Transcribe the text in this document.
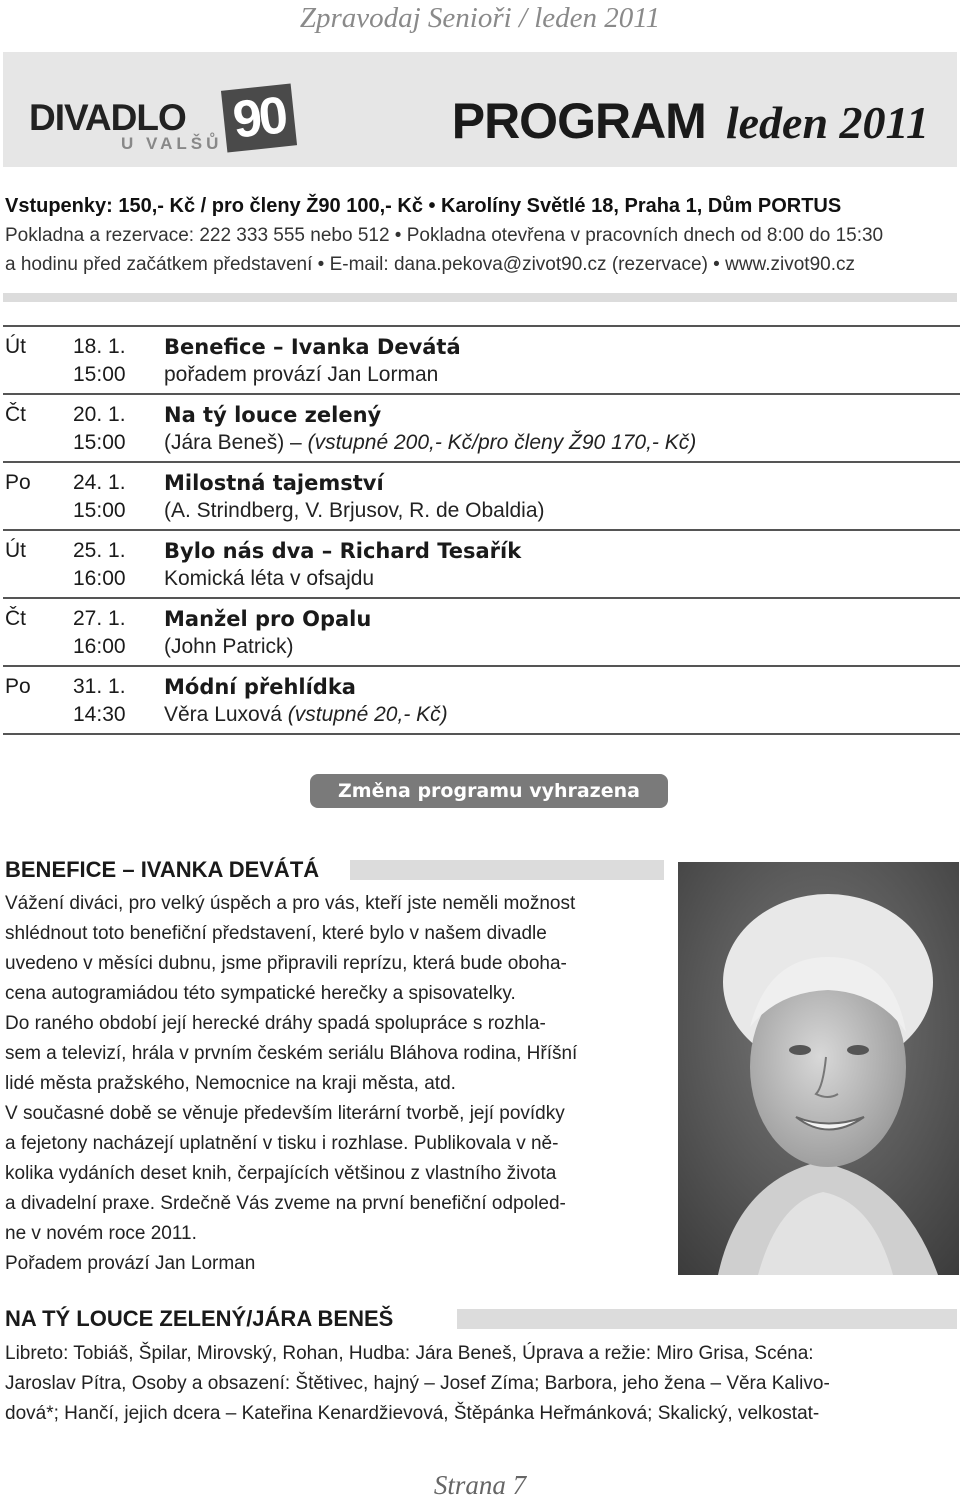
Zpravodaj Senioři / leden 2011
DIVADLO
U VALŠŮ 90	PROGRAM leden 2011
Vstupenky: 150,- Kč / pro členy Ž90 100,- Kč • Karolíny Světlé 18, Praha 1, Dům PORTUS
Pokladna a rezervace: 222 333 555 nebo 512 • Pokladna otevřena v pracovních dnech od 8:00 do 15:30
a hodinu před začátkem představení • E-mail: dana.pekova@zivot90.cz (rezervace) • www.zivot90.cz
Út 18. 1.
15:00
Benefice – Ivanka Devátá
pořadem provází Jan Lorman
Čt 20. 1.
15:00
Na tý louce zelený
(Jára Beneš) – (vstupné 200,- Kč/pro členy Ž90 170,- Kč)
Po 24. 1.
15:00
Milostná tajemství
(A. Strindberg, V. Brjusov, R. de Obaldia)
Út 25. 1.
16:00
Bylo nás dva – Richard Tesařík
Komická léta v ofsajdu
Čt 27. 1.
16:00
Manžel pro Opalu
(John Patrick)
Po 31. 1.
14:30
Módní přehlídka
Věra Luxová (vstupné 20,- Kč)
Změna programu vyhrazena
BENEFICE – IVANKA DEVÁTÁ
Vážení diváci, pro velký úspěch a pro vás, kteří jste neměli možnost
shlédnout toto benefiční představení, které bylo v našem divadle
uvedeno v měsíci dubnu, jsme připravili reprízu, která bude oboha-
cena autogramiádou této sympatické herečky a spisovatelky.
Do raného období její herecké dráhy spadá spolupráce s rozhla-
sem a televizí, hrála v prvním českém seriálu Bláhova rodina, Hříšní
lidé města pražského, Nemocnice na kraji města, atd.
V současné době se věnuje především literární tvorbě, její povídky
a fejetony nacházejí uplatnění v tisku i rozhlase. Publikovala v ně-
kolika vydáních deset knih, čerpajících většinou z vlastního života
a divadelní praxe. Srdečně Vás zveme na první benefiční odpoled-
ne v novém roce 2011.
Pořadem provází Jan Lorman
NA TÝ LOUCE ZELENÝ/JÁRA BENEŠ
Libreto: Tobiáš, Špilar, Mirovský, Rohan, Hudba: Jára Beneš, Úprava a režie: Miro Grisa, Scéna:
Jaroslav Pítra, Osoby a obsazení: Štětivec, hajný – Josef Zíma; Barbora, jeho žena – Věra Kalivo-
dová*; Hančí, jejich dcera – Kateřina Kenardžievová, Štěpánka Heřmánková; Skalický, velkostat-
Strana 7
